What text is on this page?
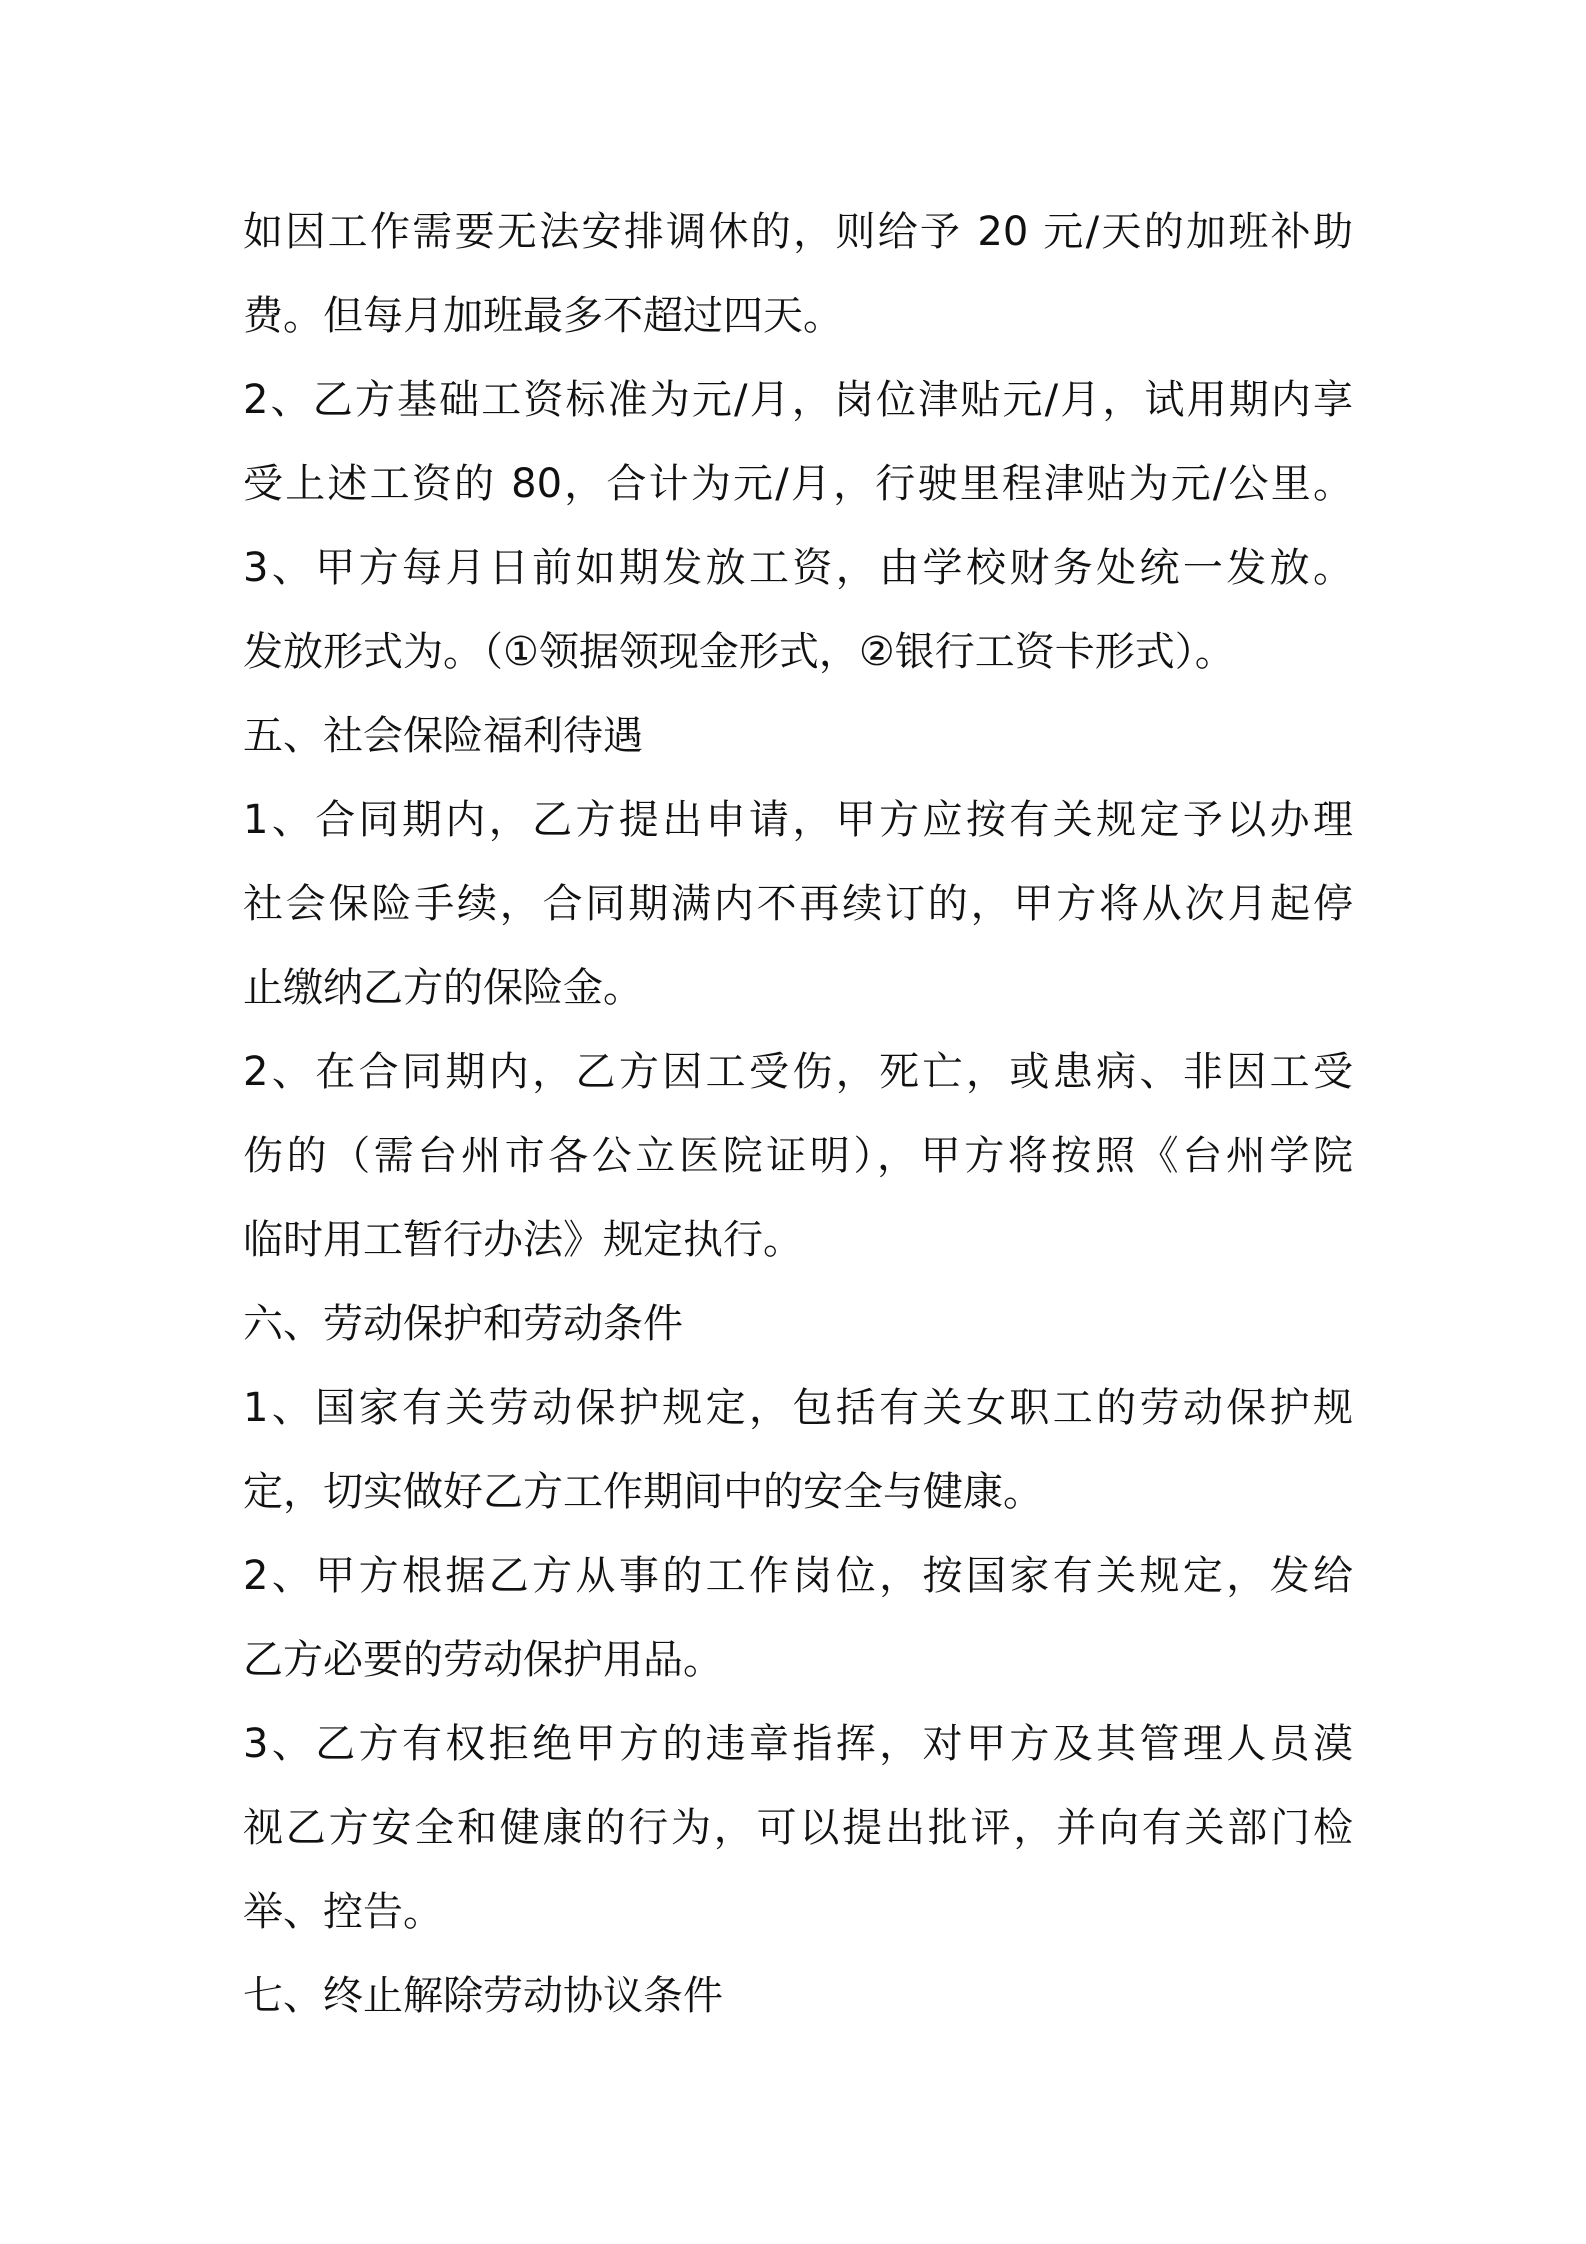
如因工作需要无法安排调休的，则给予 20 元/天的加班补助
费。但每月加班最多不超过四天。
2、乙方基础工资标准为元/月，岗位津贴元/月，试用期内享
受上述工资的 80，合计为元/月，行驶里程津贴为元/公里。
3、甲方每月日前如期发放工资，由学校财务处统一发放。
发放形式为。（①领据领现金形式，②银行工资卡形式）。
五、社会保险福利待遇
1、合同期内，乙方提出申请，甲方应按有关规定予以办理
社会保险手续，合同期满内不再续订的，甲方将从次月起停
止缴纳乙方的保险金。
2、在合同期内，乙方因工受伤，死亡，或患病、非因工受
伤的（需台州市各公立医院证明），甲方将按照《台州学院
临时用工暂行办法》规定执行。
六、劳动保护和劳动条件
1、国家有关劳动保护规定，包括有关女职工的劳动保护规
定，切实做好乙方工作期间中的安全与健康。
2、甲方根据乙方从事的工作岗位，按国家有关规定，发给
乙方必要的劳动保护用品。
3、乙方有权拒绝甲方的违章指挥，对甲方及其管理人员漠
视乙方安全和健康的行为，可以提出批评，并向有关部门检
举、控告。
七、终止解除劳动协议条件
